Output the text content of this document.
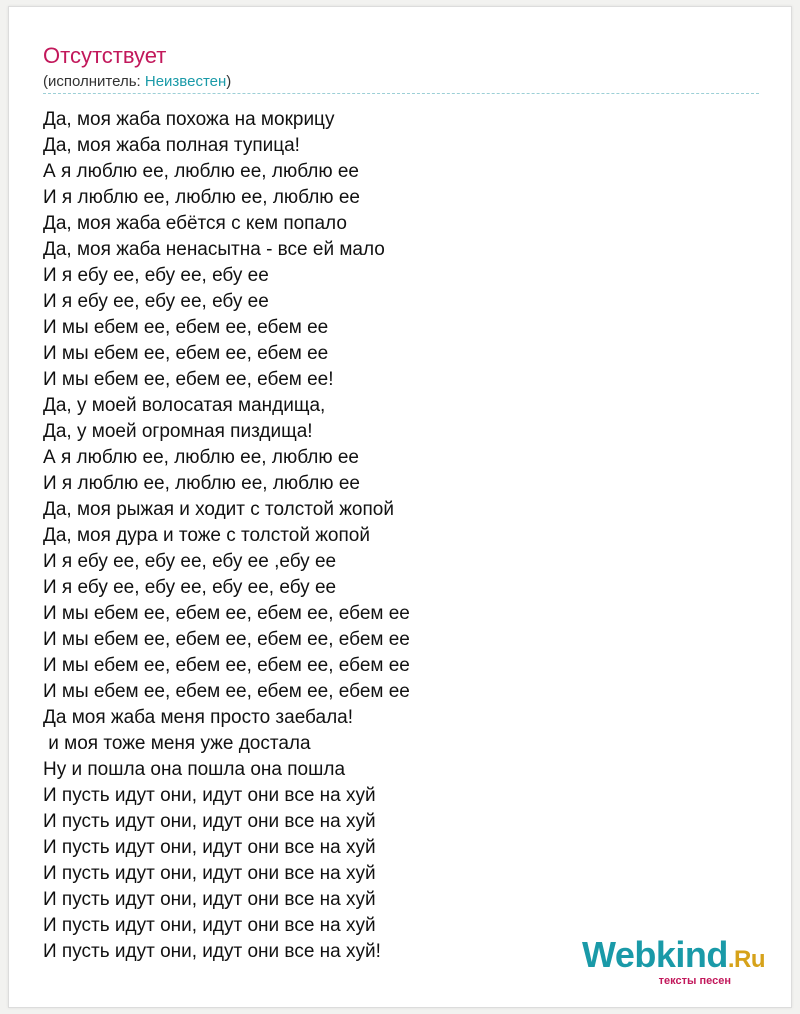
Отсутствует
(исполнитель: Неизвестен)
Да, моя жаба похожа на мокрицу
Да, моя жаба полная тупица!
А я люблю ее, люблю ее, люблю ее
И я люблю ее, люблю ее, люблю ее
Да, моя жаба ебётся с кем попало
Да, моя жаба ненасытна - все ей мало
И я ебу ее, ебу ее, ебу ее
И я ебу ее, ебу ее, ебу ее
И мы ебем ее, ебем ее, ебем ее
И мы ебем ее, ебем ее, ебем ее
И мы ебем ее, ебем ее, ебем ее!
Да, у моей волосатая мандища,
Да, у моей огромная пиздища!
А я люблю ее, люблю ее, люблю ее
И я люблю ее, люблю ее, люблю ее
Да, моя рыжая и ходит с толстой жопой
Да, моя дура и тоже с толстой жопой
И я ебу ее, ебу ее, ебу ее ,ебу ее
И я ебу ее, ебу ее, ебу ее, ебу ее
И мы ебем ее, ебем ее, ебем ее, ебем ее
И мы ебем ее, ебем ее, ебем ее, ебем ее
И мы ебем ее, ебем ее, ебем ее, ебем ее
И мы ебем ее, ебем ее, ебем ее, ебем ее
Да моя жаба меня просто заебала!
и моя тоже меня уже достала
Ну и пошла она пошла она пошла
И пусть идут они, идут они все на хуй
И пусть идут они, идут они все на хуй
И пусть идут они, идут они все на хуй
И пусть идут они, идут они все на хуй
И пусть идут они, идут они все на хуй
И пусть идут они, идут они все на хуй
И пусть идут они, идут они все на хуй!	Webkind.Ru
тексты песен
